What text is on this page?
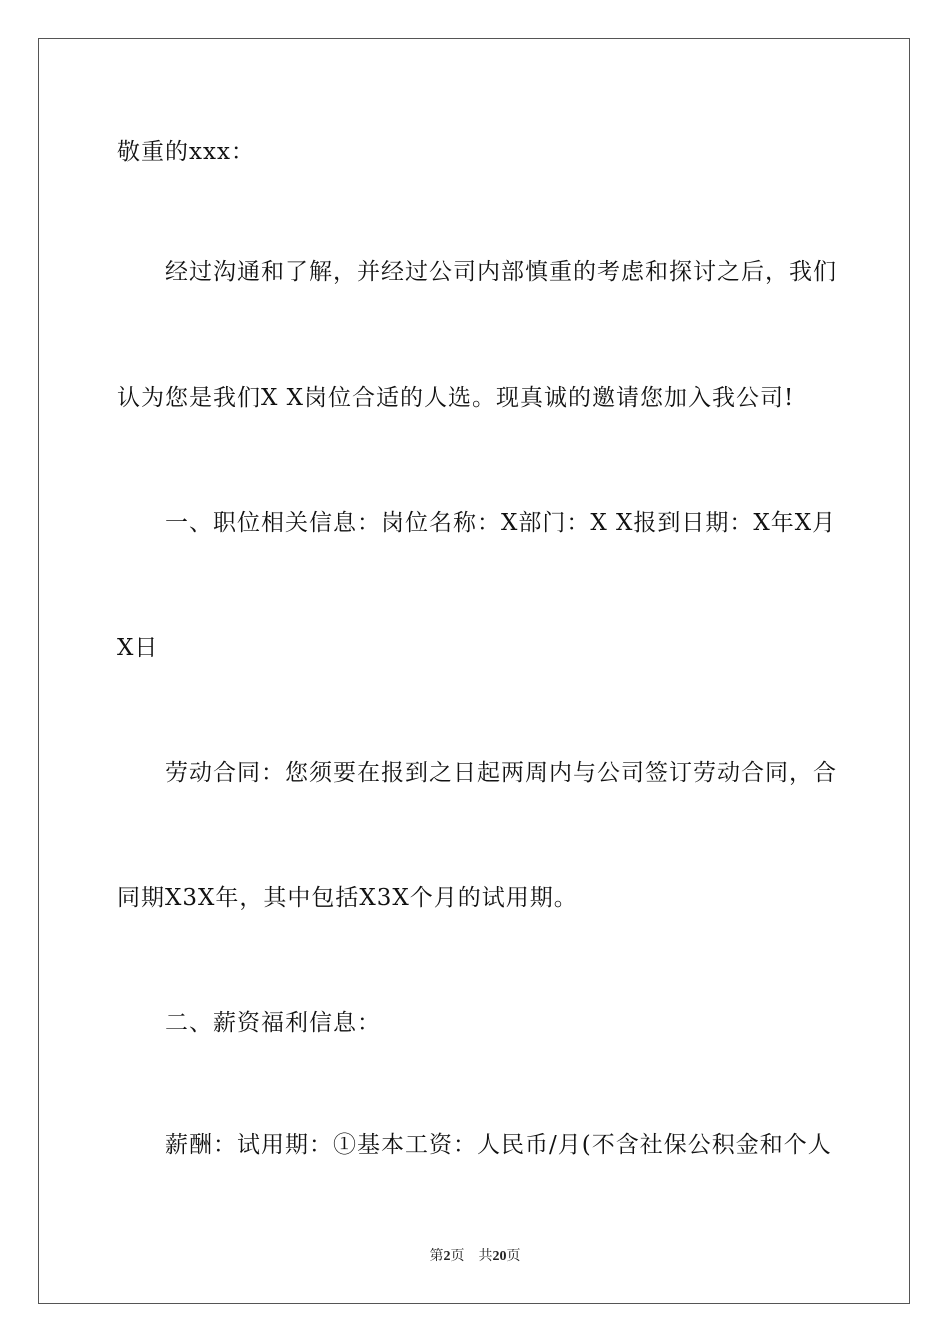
敬重的xxx：
经过沟通和了解，并经过公司内部慎重的考虑和探讨之后，我们
认为您是我们X X岗位合适的人选。现真诚的邀请您加入我公司!
一、职位相关信息：岗位名称：X部门：X X报到日期：X年X月
X日
劳动合同：您须要在报到之日起两周内与公司签订劳动合同，合
同期X3X年，其中包括X3X个月的试用期。
二、薪资福利信息：
薪酬：试用期：①基本工资：人民币/月(不含社保公积金和个人
第2页 共20页
